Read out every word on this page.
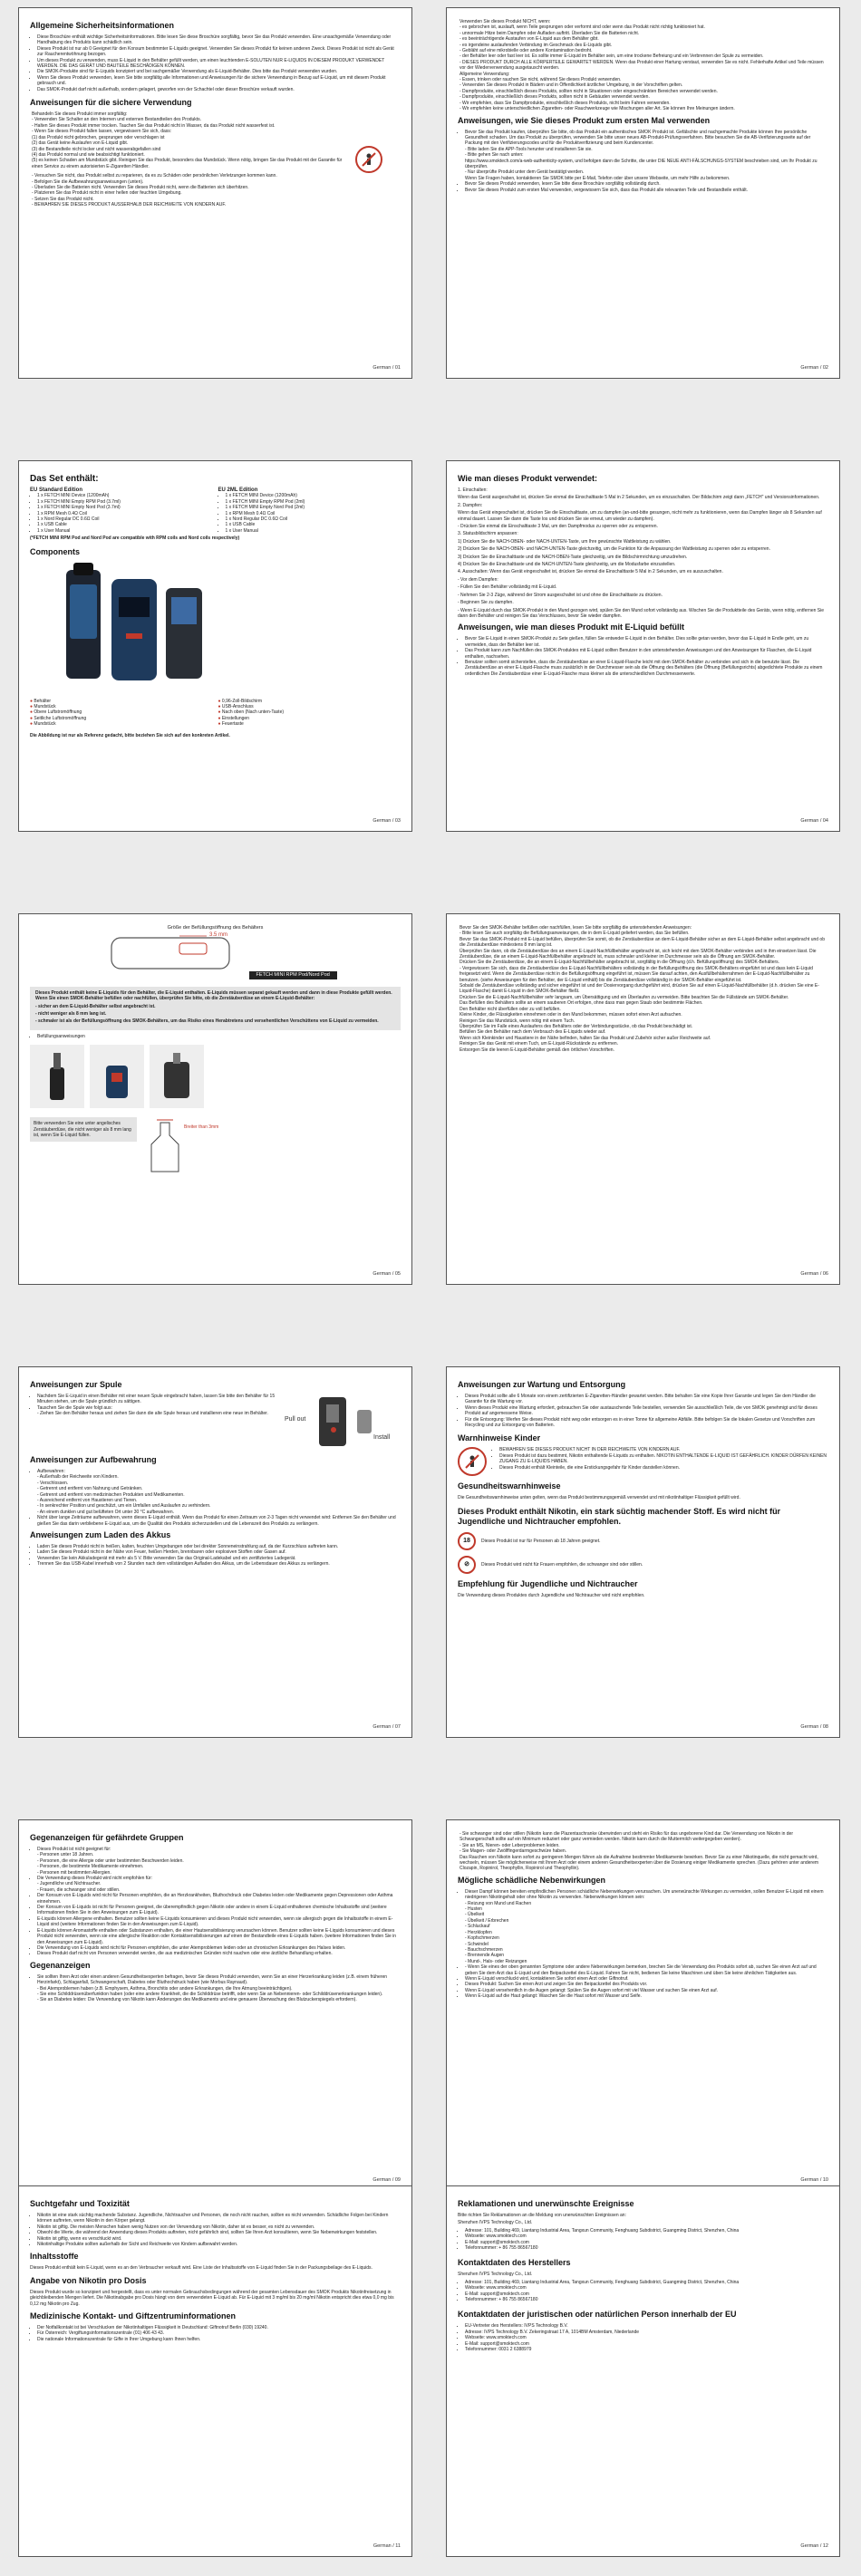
Allgemeine Sicherheitsinformationen
• Diese Broschüre enthält wichtige Sicherheitsinformationen. Bitte lesen Sie diese Broschüre sorgfältig, bevor Sie das Produkt verwenden. Eine unsachgemäße Verwendung oder Handhabung des Produkts kann schädlich sein.
• Dieses Produkt ist nur ab 0 Geeignet für den Konsum bestimmter E-Liquids geeignet. Verwenden Sie dieses Produkt für keinen anderen Zweck. Dieses Produkt ist nicht als Gerät zur Raucherentwöhnung bezogen.
• Um dieses Produkt zu verwenden, muss E-Liquid in den Behälter gefüllt werden, um einen leuchtenden E-SOLUTEN NUR E-LIQUIDS IN DIESEM PRODUKT VERWENDET WERDEN. DIE DAS GERÄT UND BAUTEILE BESCHÄDIGEN KÖNNEN.
• Die SMOK-Produkte sind für E-Liquids konzipiert und bei sachgemäßer Verwendung als E-Liquid-Behälter. Dies bitte das Produkt verwenden wurden.
• Wenn Sie dieses Produkt verwenden, lesen Sie bitte sorgfältig alle Informationen und Anweisungen für die sichere Verwendung in Bezug auf E-Liquid, um mit diesem Produkt gebrauch und.
• Das SMOK-Produkt darf nicht außerhalb, sondern gelagert, geworfen von der Schachtel oder dieser Broschüre verkauft wurden.
Anweisungen für die sichere Verwendung
Behandeln Sie dieses Produkt immer sorgfältig:
- Verwenden Sie Schalter an den Internen und externen Bestandteilen des Produkts.
- Halten Sie dieses Produkt immer trocken. Tauchen Sie das Produkt nicht in Wasser, da das Produkt nicht wasserfest ist.
- Wenn Sie dieses Produkt fallen lassen, vergewissern Sie sich, dass:
(1) das Produkt nicht gebrochen, gesprungen oder verschlagen ist
(2) das Gerät keine Auslaufen von E-Liquid gibt.
(3) die Bestandteile nicht locker und nicht wasserabgefallen sind
(4) das Produkt normal und wie beabsichtigt funktioniert.
(5) es keinen Schaden am Mundstück gibt. Reinigen Sie das Produkt, besonders das Mundstück. Wenn nötig, bringen Sie das Produkt mit der Garantie für einen Service zu einem autorisierten E-Zigaretten Händler.
- Versuchen Sie nicht, das Produkt selbst zu reparieren, da es zu Schäden oder persönlichen Verletzungen kommen kann.
- Befolgen Sie die Aufbewahrungsanweisungen (unten).
- Überladen Sie die Batterien nicht. Verwenden Sie dieses Produkt nicht, wenn die Batterien sich überhitzen.
- Platzieren Sie das Produkt nicht in einer hellen oder feuchten Umgebung.
- Setzen Sie das Produkt nicht.
- BEWAHREN SIE DIESES PRODUKT AUSSERHALB DER REICHWEITE VON KINDERN AUF.
German / 01
Verwenden Sie dieses Produkt NICHT, wenn:
- es gebrochen ist, auslauft, wenn Teile gesprungen oder verformt sind oder wenn das Produkt nicht richtig funktioniert hat.
- unnormale Hitze beim Dampfen oder Aufladen auftritt. Überladen Sie die Batterien nicht.
- es beeinträchtigende Austaufen von E-Liquid aus dem Behälter gibt.
- es irgendeine auslaufenden Verbindung im Geschmack des E-Liquids gibt.
- Gebläht auf eine mikrobielle oder andere Kontamination bedroht.
- der Behälter leer oder fast leer ist. Es sollte immer E-Liquid im Behälter sein, um eine trockene Befreiung und ein Verbrennen der Spule zu vermeiden.
- DIESES PRODUKT DURCH ALLE KÖRPERTEILE GEWARTET WERDEN. Wenn das Produkt einer Hartung verstaut, verwenden Sie es nicht. Fehlerhafte Artikel und Teile müssen vor der Wiederverwendung ausgetauscht werden.
Allgemeine Verwendung:
- Essen, trinken oder rauchen Sie nicht, während Sie dieses Produkt verwenden.
- Verwenden Sie dieses Produkt in Bädern und in Öffentlichkeit ärztlicher Umgebung, in der Vorschriften gelten.
- Dampfprodukte, einschließlich dieses Produkts, sollten nicht in Situationen oder eingeschränkten Bereichen verwendet werden.
- Dampfprodukte, einschließlich dieses Produkts, sollten nicht in Gebäuden verwendet werden.
- Wir empfehlen, dass Sie Dampfprodukte, einschließlich dieses Produkts, nicht beim Fahren verwenden.
- Wir empfehlen keine unterschiedlichen Zigaretten- oder Rauchwerkzeuge wie Mischungen aller Art. Sie können Ihre Meinungen ändern.
Anweisungen, wie Sie dieses Produkt zum ersten Mal verwenden
• Bevor Sie das Produkt kaufen, überprüfen Sie bitte, ob das Produkt ein authentisches SMOK Produkt ist. Gefälschte und nachgemachte Produkte können Ihre persönliche Gesundheit schaden. Um das Produkt zu überprüfen, verwenden Sie bitte unser neues AB-Produkt-Prüfungsverfahren. Bitte besuchen Sie die AB-Verifizierungsseite auf der Packung mit den Verifizierungscodes und für die Produktverifizierung und beim Kundencenter.
- Bitte laden Sie die APP-Tools herunter und installieren Sie sie.
- Bitte gehen Sie nach unten:
https://www.smoktech.com/a-web-authenticity-system, und befolgen dann die Schritte, die unter DIE NEUE ANTI-FÄLSCHUNGS-SYSTEM beschrieben sind, um Ihr Produkt zu überprüfen.
- Nur überprüfte Produkt unter dem Gerät bestätigt werden.
Wenn Sie Fragen haben, kontaktieren Sie SMOK bitte per E-Mail, Telefon oder über unsere Webseite, um mehr Hilfe zu bekommen.
• Bevor Sie dieses Produkt verwenden, lesen Sie bitte diese Broschüre sorgfältig vollständig durch.
• Bevor Sie dieses Produkt zum ersten Mal verwenden, vergewissern Sie sich, dass das Produkt alle relevanten Teile und Bestandteile enthält.
German / 02
Das Set enthält:
EU Standard Edition
• 1 x FETCH MINI Device (1200mAh)
• 1 x FETCH MINI Empty RPM Pod (3.7ml)
• 1 x FETCH MINI Empty Nord Pod (3.7ml)
• 1 x RPM Mesh 0.4Ω Coil
• 1 x Nord Regular DC 0.6Ω Coil
• 1 x USB Cable
• 1 x User Manual
EU 2ML Edition
• 1 x FETCH MINI Device (1200mAh)
• 1 x FETCH MINI Empty RPM Pod (2ml)
• 1 x FETCH MINI Empty Nord Pod (2ml)
• 1 x RPM Mesh 0.4Ω Coil
• 1 x Nord Regular DC 0.6Ω Coil
• 1 x USB Cable
• 1 x User Manual

(*FETCH MINI RPM Pod and Nord Pod are compatible with RPM coils and Nord coils respectively)

Components
● Behälter
● Mundstück
● Obere Luftstromöffnung
● Seitliche Luftstromöffnung
● Mundstück
● 0,96-Zoll-Bildschirm
● USB-Anschluss
● Nach oben (Nach unten-Taste)
● Einstellungen
● Feuertaste

Die Abbildung ist nur als Referenz gedacht, bitte beziehen Sie sich auf den konkreten Artikel.

German / 03
Wie man dieses Produkt verwendet:

1. Einschalten:

Wenn das Gerät ausgeschaltet ist, drücken Sie einmal die Einschalttaste 5 Mal in 2 Sekunden, um es einzuschalten. Der Bildschirm zeigt dann „FETCH" und Versionsinformationen.

2. Dampfen:

Wenn das Gerät eingeschaltet ist, drücken Sie die Einschalttaste, um zu dampfen (an-und-bitte gesungen, nicht mehr zu funktionieren, wenn das Dampfen länger als 8 Sekunden auf einmal dauert. Lassen Sie dann die Taste los und drücken Sie sie erneut, um wieder zu dampfen).

- Drücken Sie einmal die Einschalttaste 3 Mal, um den Dampfmodus zu sperren oder zu entsperren.

3. Statusbildschirm anpassen:

1) Drücken Sie die NACH-OBEN- oder NACH-UNTEN-Taste, um Ihre gewünschte Wattleistung zu wählen.

2) Drücken Sie die NACH-OBEN- und NACH-UNTEN-Taste gleichzeitig, um die Funktion für die Anpassung der Wattleistung zu sperren oder zu entsperren.

3) Drücken Sie die Einschalttaste und die NACH-OBEN-Taste gleichzeitig, um die Bildschirmrichtung umzudrehen.

4) Drücken Sie die Einschalttaste und die NACH-UNTEN-Taste gleichzeitig, um die Modusfarbe einzustellen.

4. Ausschalten: Wenn das Gerät eingeschaltet ist, drücken Sie einmal die Einschalttaste 5 Mal in 2 Sekunden, um es auszuschalten.

- Vor dem Dampfen:

- Füllen Sie den Behälter vollständig mit E-Liquid.

- Nehmen Sie 2-3 Züge, während der Strom ausgeschaltet ist und ohne die Einschalttaste zu drücken.

- Beginnen Sie zu dampfen.

- Wenn E-Liquid durch das SMOK-Produkt in den Mund gezogen wird, spülen Sie den Mund sofort vollständig aus. Wischen Sie die Produktteile des Geräts, wenn nötig, entfernen Sie dann den Behälter und reinigen Sie das Verschlusses, bevor Sie wieder dampfen.

Anweisungen, wie man dieses Produkt mit E-Liquid befüllt
• Bevor Sie E-Liquid in einen SMOK-Produkt zu Sete gießen, füllen Sie entweder E-Liquid in den Behälter. Dies sollte getan werden, bevor das E-Liquid in Endle geht, um zu vermeiden, dass der Behälter leer ist.
• Das Produkt kann zum Nachfüllen des SMOK-Produktes mit E-Liquid sollten Benutzer in den untenstehenden Anweisungen und den Anweisungen für Flaschen, die E-Liquid enthalten, nachsehen.
• Benutzer sollten somit sicherstellen, dass die Zerstäuberdüse an einer E-Liquid-Flasche leicht mit dem SMOK-Behälter zu verbinden und sich in die benutzte lässt. Die Zerstäuberdüse an einer E-Liquid-Flasche muss zusätzlich in der Durchmesser sein als die Öffnung des Behälters (die Öffnung (Befüllungsrichts) abgedichtete Produkte zu einem ordentlichen Die Zerstäuberdüse einer E-Liquid-Flasche muss kleiner als die unterschiedlichen Durchmesserwerte.
German / 04
Größe der Befüllungsöffnung des Behälters
3.5 mm
FETCH MINI RPM Pod/Nord Pod

Dieses Produkt enthält keine E-Liquids für den Behälter, die E-Liquid enthalten. E-Liquids müssen separat gekauft werden und dann in diese Produkte gefüllt werden. Wenn Sie einen SMOK-Behälter befüllen oder nachfüllen, überprüfen Sie bitte, ob die Zerstäuberdüse an einem E-Liquid-Behälter:

- sicher an dem E-Liquid-Behälter selbst angebracht ist.

- nicht weniger als 8 mm lang ist.

- schmaler ist als der Befüllungsöffnung des SMOK-Behälters, um das Risiko eines Herabtretens und versehentlichen Verschüttens von E-Liquid zu vermeiden.

• Befüllungsanweisungen
Bitte verwenden Sie eine unter angelisches Zerstäuberdüse, die nicht weniger als 8 mm lang ist, wenn Sie E-Liquid füllen.
Breiter than 3mm
German / 05
Bevor Sie den SMOK-Behälter befüllen oder nachfüllen, lesen Sie bitte sorgfältig die untenstehenden Anweisungen:
- Bitte lesen Sie auch sorgfältig die Befüllungsanweisungen, die in dem E-Liquid geliefert werden, das Sie befüllen.
Bevor Sie das SMOK-Produkt mit E-Liquid befüllen, überprüfen Sie somit, ob die Zerstäuberdüse an dem E-Liquid-Behälter sicher an dem E-Liquid-Behälter selbst angebracht und ob die Zerstäuberdüse mindestens 8 mm lang ist.
Überprüfen Sie dann, ob die Zerstäuberdüse des an einem E-Liquid-Nachfüllbehälter angebracht ist, sich leicht mit dem SMOK-Behälter verbinden und in ihm einsetzen lässt. Die Zerstäuberdüse, die an einem E-Liquid-Nachfüllbehälter angebracht ist, muss schmaler und kleiner im Durchmesser sein als die Öffnung am SMOK-Behälter.
Drücken Sie die Zerstäuberdüse, die an einem E-Liquid-Nachfüllbehälter angebracht ist, sorgfältig in die Öffnung (d.h. Befüllungsöffnung) des SMOK-Behälters.
- Vergewissern Sie sich, dass die Zerstäuberdüse des E-Liquid-Nachfüllbehälters vollständig in der Befüllungsöffnung des SMOK-Behälters eingeführt ist und dass kein E-Liquid freigesetzt wird. Wenn die Zerstäuberdüse nicht in die Befüllungsöffnung eingeführt ist, müssen Sie darauf achten, den Ausfüllbehälterrahmen der E-Liquid-Nachfüllbehälter zu benutzen. (siehe Anweisungen für den Behälter, der E-Liquid enthält) bis die Zerstäuberdüse vollständig in der SMOK-Behälter eingeführt ist.
Sobald die Zerstäuberdüse vollständig und sicher eingeführt ist und der Dosiervorgang durchgeführt wird, drücken Sie auf einen E-Liquid-Nachfüllbehälter (d.h. drücken Sie eine E-Liquid-Flasche) damit E-Liquid in den SMOK-Behälter fließt.
Drücken Sie die E-Liquid-Nachfüllbehälter sehr langsam, um Übersättigung und ein Überlaufen zu vermeiden. Bitte beachten Sie die Füllstände am SMOK-Behälter.
Das Befüllen des Behälters sollte an einem sauberen Ort erfolgen, ohne dass man gegen Staub oder bestimmte Flächen.
Den Behälter nicht überfüllen oder zu voll befüllen.
Kleine Kinder, die Flüssigkeiten einnehmen oder in den Mund bekommen, müssen sofort einen Arzt aufsuchen.
Reinigen Sie das Mundstück, wenn nötig mit einem Tuch.
Überprüfen Sie im Falle eines Auslaufens des Behälters oder der Verbindungsstücke, ob das Produkt beschädigt ist.
Befüllen Sie den Behälter nach dem Verbrauch des E-Liquids wieder auf.
Wenn sich Kleinkinder und Haustiere in der Nähe befinden, halten Sie das Produkt und Zubehör sicher außer Reichweite auf.
Reinigen Sie das Gerät mit einem Tuch, um E-Liquid-Rückstände zu entfernen.
Entsorgen Sie die leeren E-Liquid-Behälter gemäß den örtlichen Vorschriften.
German / 06
Anweisungen zur Spule
• Nachdem Sie E-Liquid in einen Behälter mit einer neuen Spule eingebracht haben, lassen Sie bitte den Behälter für 15 Minuten stehen, um die Spule gründlich zu sättigen.
• Tauschen Sie die Spule wie folgt aus:
- Ziehen Sie den Behälter heraus und ziehen Sie dann die alte Spule heraus und installieren eine neue im Behälter.
Pull out
Install
Anweisungen zur Aufbewahrung
• Aufbewahren:
- Außerhalb der Reichweite von Kindern.
- Verschlossen.
- Getrennt und entfernt von Nahrung und Getränken.
- Getrennt und entfernt von medizinischen Produkten und Medikamenten.
- Ausreichend entfernt von Haustieren und Tieren.
- In senkrechter Position und geschützt, um ein Umfallen und Auslaufen zu verhindern.
- An einem dunklen und gut belüfteten Ort unter 30 °C aufbewahren.
• Nicht über lange Zeiträume aufbewahren, wenn dieses E-Liquid enthält. Wenn das Produkt für einen Zeitraum von 2-3 Tagen nicht verwendet wird: Entfernen Sie den Behälter und gießen Sie das darin verbliebene E-Liquid aus, um die Qualität des Produkts sicherzustellen und die Lebenszeit des Produkts zu verlängern.
Anweisungen zum Laden des Akkus
• Laden Sie dieses Produkt nicht in heißen, kalten, feuchten Umgebungen oder bei direkter Sonneneinstrahlung auf, da der Kurzschluss auftreten kann.
• Laden Sie dieses Produkt nicht in der Nähe von Feuer, heißen Herden, brennbaren oder explosiven Stoffen oder Gasen auf.
• Verwenden Sie kein Akkuladegerät mit mehr als 5 V. Bitte verwenden Sie das Original-Ladekabel und ein zertifiziertes Ladegerät.
• Trennen Sie das USB-Kabel innerhalb von 2 Stunden nach dem vollständigen Aufladen des Akkus, um die Lebensdauer des Akkus zu verlängern.
German / 07
Anweisungen zur Wartung und Entsorgung
• Dieses Produkt sollte alle 6 Monate von einem zertifizierten E-Zigaretten-Händler gewartet werden. Bitte behalten Sie eine Kopie Ihrer Garantie und legen Sie dem Händler die Garantie für die Wartung vor.
• Wenn dieses Produkt eine Wartung erfordert, gebrauchen Sie oder austauschende Teile bestellen, verwenden Sie ausschließlich Teile, die von SMOK genehmigt und für dieses Produkt auf angemessene Weise.
• Für die Entsorgung: Werfen Sie dieses Produkt nicht weg oder entsorgen es in einer Tonne für allgemeine Abfälle. Bitte befolgen Sie die lokalen Gesetze und Vorschriften zum Recycling und zur Entsorgung von Batterien.
Warnhinweise Kinder
• BEWAHREN SIE DIESES PRODUKT NICHT IN DER REICHWEITE VON KINDERN AUF.
• Dieses Produkt ist dazu bestimmt, Nikotin enthaltende E-Liquids zu enthalten. NIKOTIN ENTHALTENDE E-LIQUID IST GEFÄHRLICH. KINDER DÜRFEN KEINEN ZUGANG ZU E-LIQUIDS HABEN.
• Dieses Produkt enthält Kleinteile, die eine Erstickungsgefahr für Kinder darstellen können.
Gesundheitswarnhinweise

Die Gesundheitswarnhinweise unten gelten, wenn das Produkt bestimmungsgemäß verwendet und mit nikotinhaltiger Flüssigkeit gefüllt wird.

Dieses Produkt enthält Nikotin, ein stark süchtig machender Stoff. Es wird nicht für Jugendliche und Nichtraucher empfohlen.
18	Dieses Produkt ist nur für Personen ab 18 Jahren geeignet.
⊘	Dieses Produkt wird nicht für Frauen empfohlen, die schwanger sind oder stillen.
Empfehlung für Jugendliche und Nichtraucher

Die Verwendung dieses Produktes durch Jugendliche und Nichtraucher wird nicht empfohlen.

German / 08
Gegenanzeigen für gefährdete Gruppen
• Dieses Produkt ist nicht geeignet für:
- Personen unter 18 Jahren.
- Personen, die eine Allergie oder unter bestimmten Beschwerden leiden.
- Personen, die bestimmte Medikamente einnehmen.
- Personen mit bestimmten Allergien.
• Die Verwendung dieses Produkt wird nicht empfohlen für:
- Jugendliche und Nichtraucher.
- Frauen, die schwanger sind oder stillen.
• Der Konsum von E-Liquids wird nicht für Personen empfohlen, die an Herzkrankheiten, Bluthochdruck oder Diabetes leiden oder Medikamente gegen Depressionen oder Asthma einnehmen.
• Der Konsum von E-Liquids ist nicht für Personen geeignet, die überempfindlich gegen Nikotin oder andere in einem E-Liquid enthaltenen chemische Inhaltsstoffe sind (weitere Informationen finden Sie in den Anweisungen zum E-Liquid).
• E-Liquids können Allergene enthalten. Benutzer sollten keine E-Liquids konsumieren und dieses Produkt nicht verwenden, wenn sie allergisch gegen die Inhaltsstoffe in einem E-Liquid sind (weitere Informationen finden Sie in den Anweisungen zum E-Liquid).
• E-Liquids können Aromastoffe enthalten oder Substanzen enthalten, die einer Hautsensibilisierung verursachen können. Benutzer sollten keine E-Liquids konsumieren und dieses Produkt nicht verwenden, wenn sie eine allergische Reaktion oder Kontaktsensibilisierungen auf einen der Bestandteile eines E-Liquids haben. (weitere Informationen finden Sie in den Anweisungen zum E-Liquid).
• Die Verwendung von E-Liquids wird nicht für Personen empfohlen, die unter Atemproblemen leiden oder an chronischen Erkrankungen des Halses leiden.
• Dieses Produkt darf nicht von Personen verwendet werden, die aus medizinischen Gründen nicht rauchen oder eine ärztliche Behandlung erhalten.
Gegenanzeigen
• Sie sollten Ihren Arzt oder einen anderen Gesundheitsexperten befragen, bevor Sie dieses Produkt verwenden, wenn Sie an einer Herzerkrankung leiden (z.B. einem früheren Herzinfarkt), Schlaganfall, Schwangerschaft, Diabetes oder Bluthochdruck haben (wie Morbus Raynaud).
- Bei Atemproblemen haben (z.B. Emphysem, Asthma, Bronchitis oder andere Erkrankungen, die Ihre Atmung beeinträchtigen).
- Sie eine Schilddrüsenüberfunktion haben (oder eine andere Krankheit, die die Schilddrüse betrifft, oder wenn Sie an Nebennieren- oder Schilddrüsenerkrankungen leiden).
- Sie an Diabetes leiden: Die Verwendung von Nikotin kann Änderungen des Medikaments und eine genauere Überwachung des Blutzuckerspiegels erfordern).
German / 09
- Sie schwanger sind oder stillen (Nikotin kann die Plazentaschranke überwinden und steht ein Risiko für das ungeborene Kind dar. Die Verwendung von Nikotin in der Schwangerschaft sollte auf ein Minimum reduziert oder ganz vermieden werden. Nikotin kann durch die Muttermilch weitergegeben werden).
- Sie an MS, Nieren- oder Leberproblemen leiden.
- Sie Magen- oder Zwölffingerdarmgeschwüre haben.
Das Rauchen von Nikotin kann sofort zu geringeren Mengen führen als die Aufnahme bestimmter Medikamente bewirken. Bevor Sie zu einer Nikotinquelle, die nicht gemacht wird, wechseln, müssen Sie möglicherweise mit Ihrem Arzt oder einem anderen Gesundheitsexperten über die Dosierung einiger Medikamente sprechen. (Dazu gehören unter anderem Clozapin, Ropinirol, Theophyllin, Ropinirol und Theophyllin).
Mögliche schädliche Nebenwirkungen
• Dieser Dampf können bereiten empfindlichen Personen schädliche Nebenwirkungen verursachen. Um unerwünschte Wirkungen zu vermeiden, sollen Benutzer E-Liquid mit einem niedrigeren Nikotingehalt oder ohne Nikotin zu verwenden. Nebenwirkungen können sein:
- Reizung von Mund und Rachen
- Husten
- Übelkeit
- Übelkeit / Erbrechen
- Schluckauf
- Herzklopfen
- Kopfschmerzen
- Schwindel
- Bauchschmerzen
- Brennende Augen
- Mund-, Hals- oder Reizungen
• - Wenn Sie eines der oben genannten Symptome oder andere Nebenwirkungen bemerken, brechen Sie die Verwendung des Produkts sofort ab, suchen Sie einen Arzt auf und geben Sie dem Arzt das E-Liquid und den Beipackzettel des E-Liquid. Fahren Sie nicht, bedienen Sie keine Maschinen und üben Sie keine ähnlichen Tätigkeiten aus.
• Wenn E-Liquid verschluckt wird, kontaktieren Sie sofort einen Arzt oder Giftnotruf.
• Dieses Produkt: Suchen Sie einen Arzt und zeigen Sie den Beipackzettel des Produkts vor.
• Wenn E-Liquid versehentlich in die Augen gelangt: Spülen Sie die Augen sofort mit viel Wasser und suchen Sie einen Arzt auf.
• Wenn E-Liquid auf die Haut gelangt: Waschen Sie die Haut sofort mit Wasser und Seife.
German / 10
Suchtgefahr und Toxizität
• Nikotin ist eine stark süchtig machende Substanz. Jugendliche, Nichtraucher und Personen, die noch nicht rauchen, sollten es nicht verwenden. Schädliche Folgen bei Kindern können auftreten, wenn Nikotin in den Körper gelangt.
• Nikotin ist giftig. Die meisten Menschen haben wenig Nutzen von der Verwendung von Nikotin, daher ist es besser, es nicht zu verwenden.
• Obwohl die Werte, die während der Anwendung dieses Produkts auftreten, nicht gefährlich sind, sollten Sie Ihren Arzt konsultieren, wenn Sie Nebenwirkungen feststellen.
• Nikotin ist giftig, wenn es verschluckt wird.
• Nikotinhaltige Produkte sollten außerhalb der Sicht und Reichweite von Kindern aufbewahrt werden.
Inhaltsstoffe

Dieses Produkt enthält kein E-Liquid, wenn es an den Verbraucher verkauft wird. Eine Liste der Inhaltsstoffe von E-Liquid finden Sie in der Packungsbeilage des E-Liquids.

Angabe von Nikotin pro Dosis

Dieses Produkt wurde so konzipiert und hergestellt, dass es unter normalen Gebrauchsbedingungen während der gesamten Lebensdauer des SMOK Produkts Nikotinfreisetzung in gleichbleibenden Mengen liefert. Die Nikotinabgabe pro Dosis hängt von dem verwendeten E-Liquid ab. Für E-Liquid mit 3 mg/ml bis 20 mg/ml Nikotin entspricht dies etwa 0,0 mg bis 0,12 mg Nikotin pro Zug.

Medizinische Kontakt- und Giftzentruminformationen
• Der Notfallkontakt ist bei Verschlucken der Nikotinhaltigen Flüssigkeit in Deutschland: Giftnotruf Berlin (030) 19240.
• Für Österreich: Vergiftungsinformationszentrale (01) 406 43 43.
• Die nationale Informationszentrale für Gifte in Ihrer Umgebung kann Ihnen helfen.
German / 11
Reklamationen und unerwünschte Ereignisse

Bitte richten Sie Reklamationen an die Meldung von unerwünschten Ereignissen an:

Shenzhen IVPS Technology Co., Ltd.

• Adresse: 101, Building 469, Liantang Industrial Area, Tangxun Community, Fenghuang Subdistrict, Guangming District, Shenzhen, China
• Webseite: www.smoktech.com
• E-Mail: support@smoktech.com
• Telefonnummer: + 86 755 86567180
Kontaktdaten des Herstellers

Shenzhen IVPS Technology Co., Ltd.

• Adresse: 101, Building 469, Liantang Industrial Area, Tangxun Community, Fenghuang Subdistrict, Guangming District, Shenzhen, China
• Webseite: www.smoktech.com
• E-Mail: support@smoktech.com
• Telefonnummer: + 86 755 86567180
Kontaktdaten der juristischen oder natürlichen Person innerhalb der EU
• EU-Vertreter des Herstellers: IVPS Technology B.V.
• Adresse: IVPS Technology B.V. Zekeringstraat 17 A, 1014BM Amsterdam, Niederlande
• Webseite: www.smoktech.com
• E-Mail: support@smoktech.com
• Telefonnummer: 0031 2 6388979
German / 12
